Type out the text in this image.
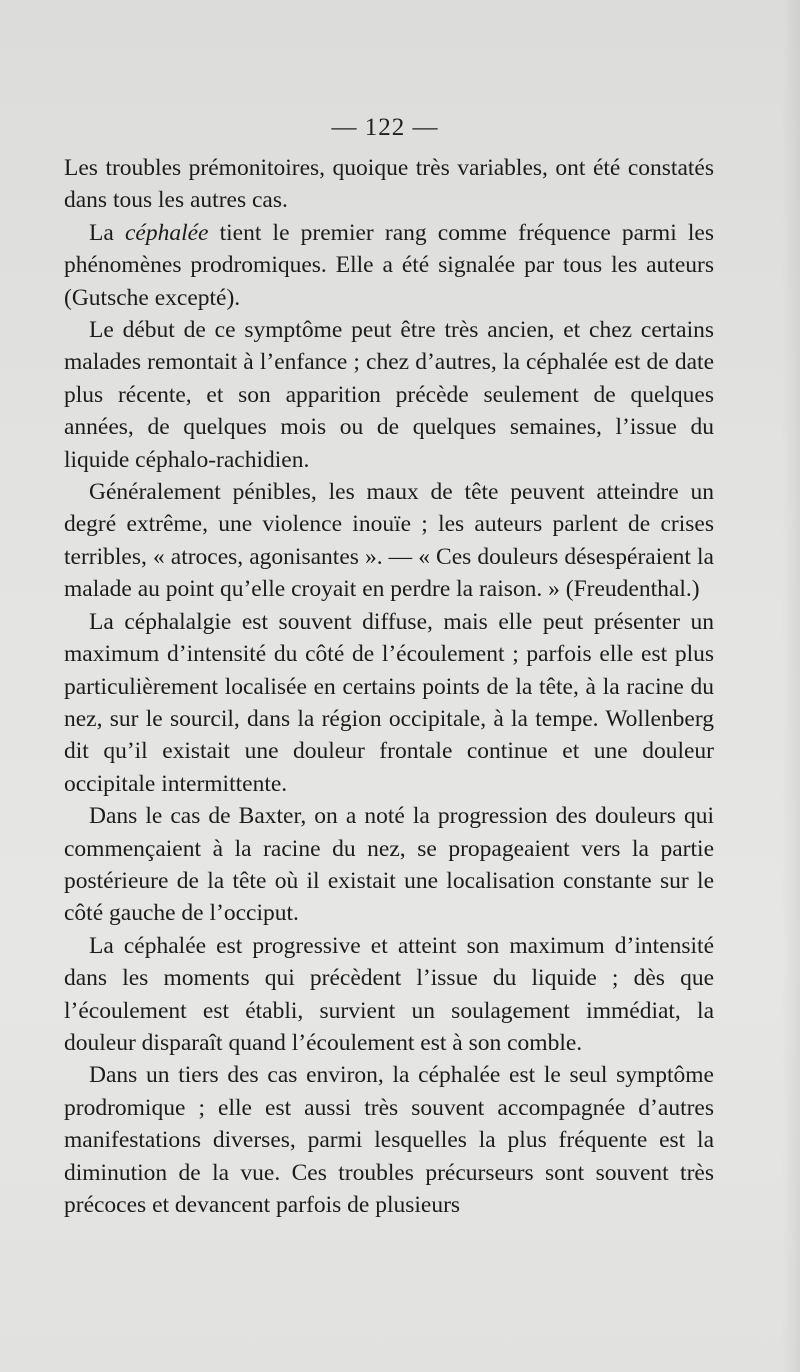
— 122 —

Les troubles prémonitoires, quoique très variables, ont été constatés dans tous les autres cas.

La céphalée tient le premier rang comme fréquence parmi les phénomènes prodromiques. Elle a été signalée par tous les auteurs (Gutsche excepté).

Le début de ce symptôme peut être très ancien, et chez certains malades remontait à l’enfance ; chez d’autres, la céphalée est de date plus récente, et son apparition précède seulement de quelques années, de quelques mois ou de quelques semaines, l’issue du liquide céphalo-rachidien.

Généralement pénibles, les maux de tête peuvent atteindre un degré extrême, une violence inouïe ; les auteurs parlent de crises terribles, « atroces, agonisantes ». — « Ces douleurs désespéraient la malade au point qu’elle croyait en perdre la raison. » (Freudenthal.)

La céphalalgie est souvent diffuse, mais elle peut présenter un maximum d’intensité du côté de l’écoulement ; parfois elle est plus particulièrement localisée en certains points de la tête, à la racine du nez, sur le sourcil, dans la région occipitale, à la tempe. Wollenberg dit qu’il existait une douleur frontale continue et une douleur occipitale intermittente.

Dans le cas de Baxter, on a noté la progression des douleurs qui commençaient à la racine du nez, se propageaient vers la partie postérieure de la tête où il existait une localisation constante sur le côté gauche de l’occiput.

La céphalée est progressive et atteint son maximum d’intensité dans les moments qui précèdent l’issue du liquide ; dès que l’écoulement est établi, survient un soulagement immédiat, la douleur disparaît quand l’écoulement est à son comble.

Dans un tiers des cas environ, la céphalée est le seul symptôme prodromique ; elle est aussi très souvent accompagnée d’autres manifestations diverses, parmi lesquelles la plus fréquente est la diminution de la vue. Ces troubles précurseurs sont souvent très précoces et devancent parfois de plusieurs
